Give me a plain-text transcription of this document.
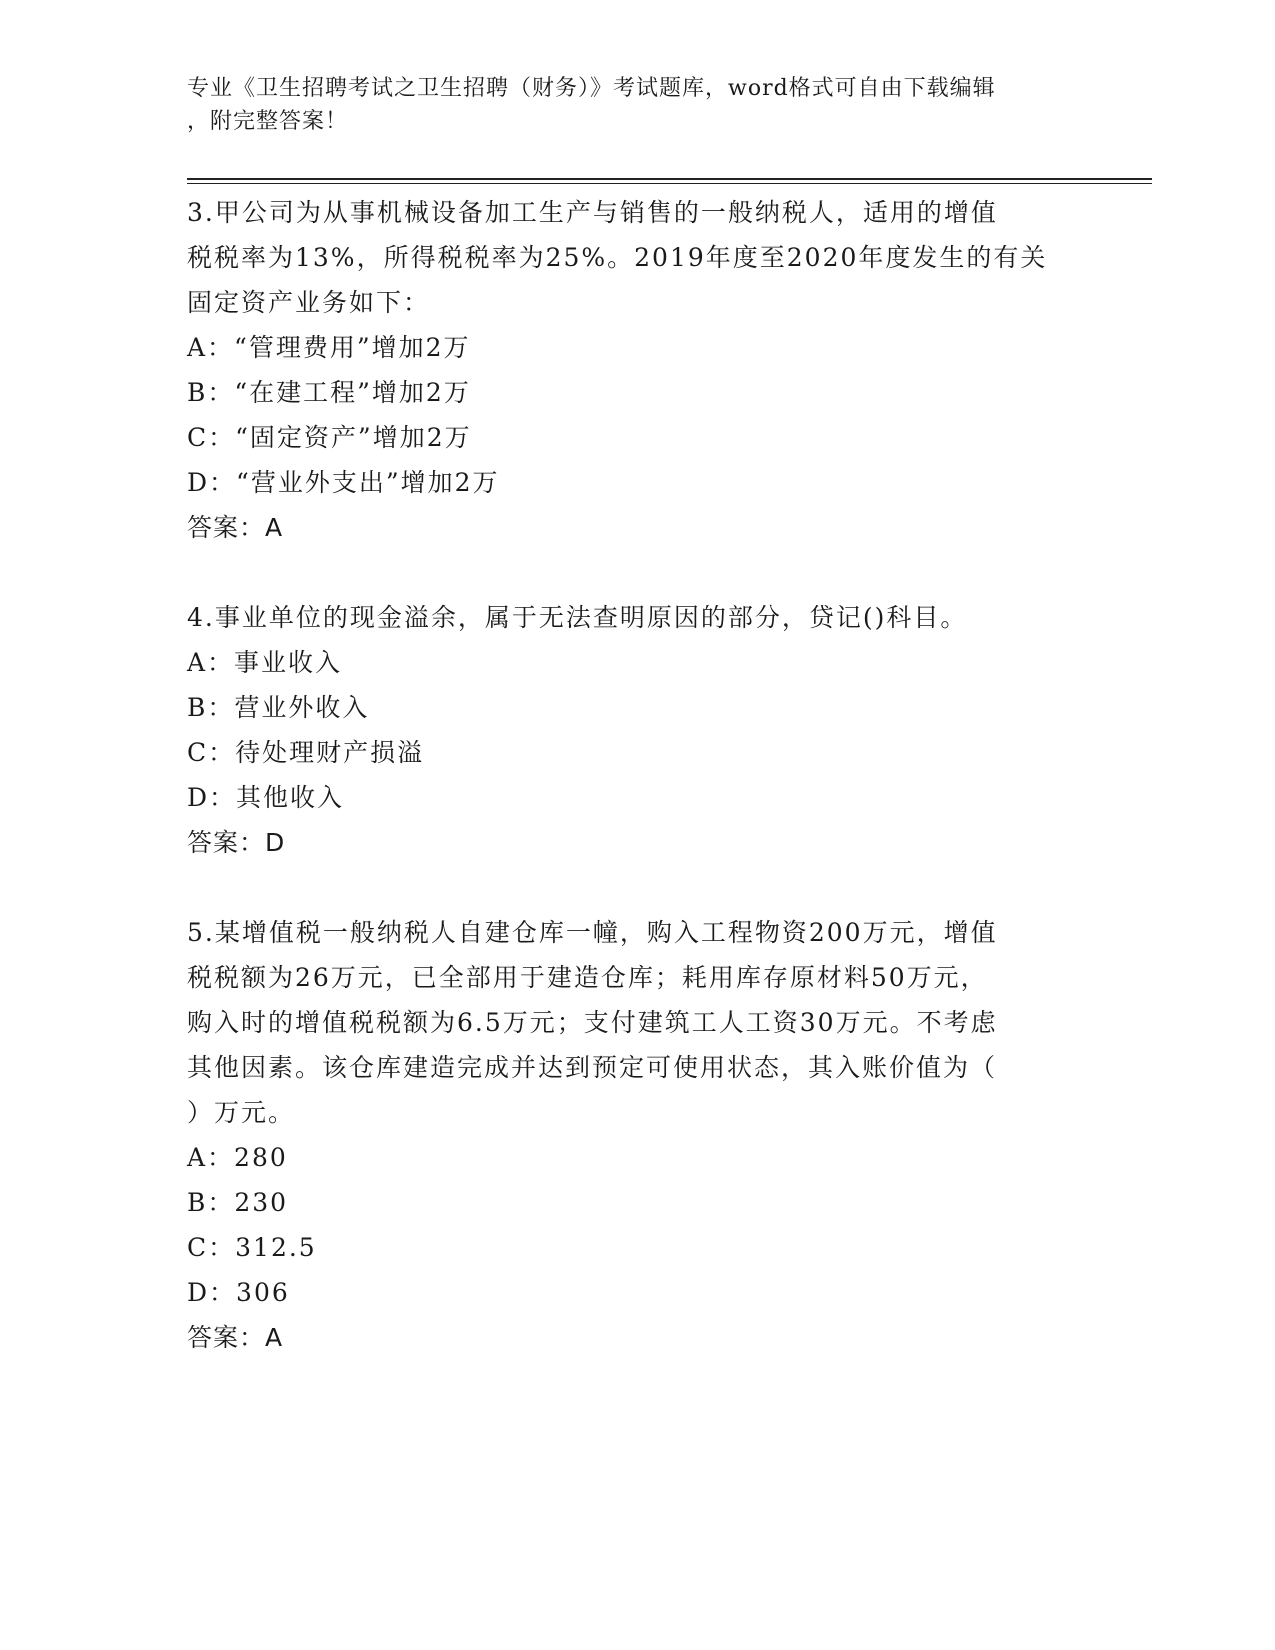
专业《卫生招聘考试之卫生招聘（财务）》考试题库，word格式可自由下载编辑
，附完整答案！
3.甲公司为从事机械设备加工生产与销售的一般纳税人，适用的增值
税税率为13%，所得税税率为25%。2019年度至2020年度发生的有关
固定资产业务如下：
A：“管理费用”增加2万
B：“在建工程”增加2万
C：“固定资产”增加2万
D：“营业外支出”增加2万
答案：A
4.事业单位的现金溢余，属于无法查明原因的部分，贷记()科目。
A：事业收入
B：营业外收入
C：待处理财产损溢
D：其他收入
答案：D
5.某增值税一般纳税人自建仓库一幢，购入工程物资200万元，增值
税税额为26万元，已全部用于建造仓库；耗用库存原材料50万元，
购入时的增值税税额为6.5万元；支付建筑工人工资30万元。不考虑
其他因素。该仓库建造完成并达到预定可使用状态，其入账价值为（
）万元。
A：280
B：230
C：312.5
D：306
答案：A
